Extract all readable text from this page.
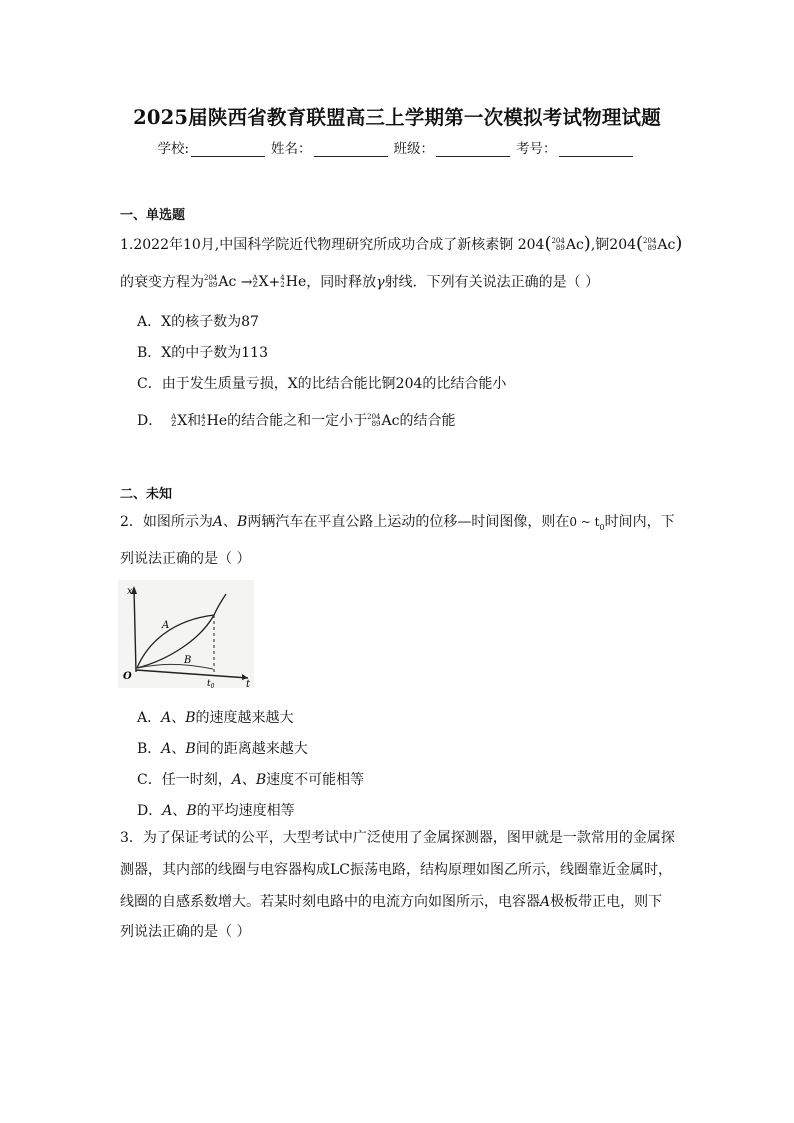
2025届陕西省教育联盟高三上学期第一次模拟考试物理试题
学校:	姓名：	班级：	考号：
一、单选题
1.2022年10月,中国科学院近代物理研究所成功合成了新核素锕 204( 204
89 Ac ),锕204( 204
89 Ac )
的衰变方程为 204
89 Ac → A
Z X + 4
2 He ，同时释放γ射线．下列有关说法正确的是（ ）
A．X的核子数为87
B．X的中子数为113
C．由于发生质量亏损，X的比结合能比锕204的比结合能小
D． A
Z X 和 4
2 He 的结合能之和一定小于 204
89 Ac 的结合能
二、未知
2．如图所示为A、B两辆汽车在平直公路上运动的位移—时间图像，则在0 ~ $t_0$时间内，下
列说法正确的是（ ）
x
t
O
A
B
$t_0$
A．A、B的速度越来越大
B．A、B间的距离越来越大
C．任一时刻，A、B速度不可能相等
D．A、B的平均速度相等
3．为了保证考试的公平，大型考试中广泛使用了金属探测器，图甲就是一款常用的金属探
测器，其内部的线圈与电容器构成LC振荡电路，结构原理如图乙所示，线圈靠近金属时，
线圈的自感系数增大。若某时刻电路中的电流方向如图所示，电容器A极板带正电，则下
列说法正确的是（ ）
